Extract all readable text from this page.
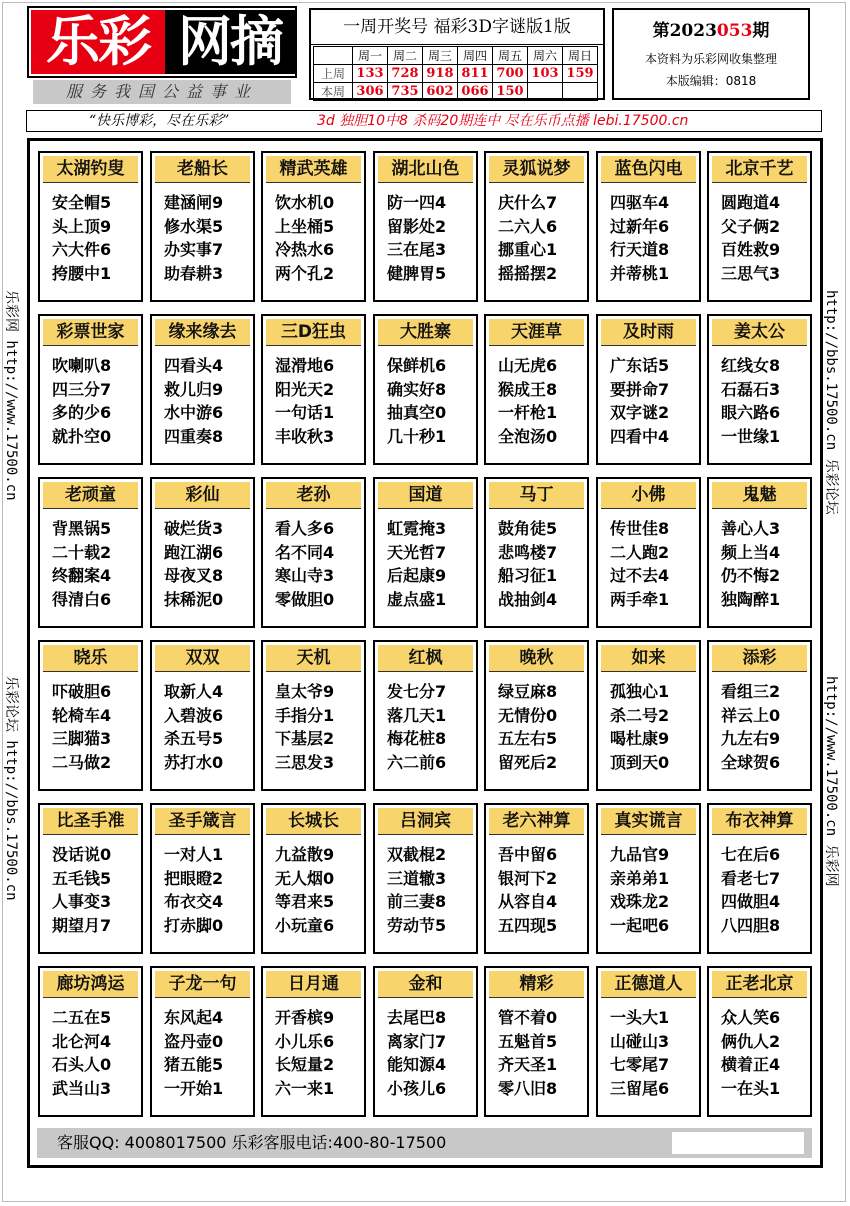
乐彩 网摘
服务我国公益事业
一周开奖号 福彩3D字谜版1版
	周一	周二	周三	周四	周五	周六	周日
上周	133	728	918	811	700	103	159
本周	306	735	602	066	150		
第2023053期
本资料为乐彩网收集整理
本版编辑：0818
“快乐博彩，尽在乐彩”	3d 独胆10中8 杀码20期连中 尽在乐币点播 lebi.17500.cn
乐彩网 http://www.17500.cn
乐彩论坛 http://bbs.17500.cn
http://bbs.17500.cn 乐彩论坛
http://www.17500.cn 乐彩网
太湖钓叟
安全帽5
头上顶9
六大件6
挎腰中1
老船长
建涵闸9
修水渠5
办实事7
助春耕3
精武英雄
饮水机0
上坐桶5
冷热水6
两个孔2
湖北山色
防一四4
留影处2
三在尾3
健脾胃5
灵狐说梦
庆什么7
二六人6
挪重心1
摇摇摆2
蓝色闪电
四驱车4
过新年6
行天道8
并蒂桃1
北京千艺
圆跑道4
父子俩2
百姓救9
三思气3
彩票世家
吹喇叭8
四三分7
多的少6
就扑空0
缘来缘去
四看头4
救儿归9
水中游6
四重奏8
三D狂虫
湿滑地6
阳光天2
一句话1
丰收秋3
大胜寨
保鲜机6
确实好8
抽真空0
几十秒1
天涯草
山无虎6
猴成王8
一杆枪1
全泡汤0
及时雨
广东话5
要拼命7
双字谜2
四看中4
姜太公
红线女8
石磊石3
眼六路6
一世缘1
老顽童
背黑锅5
二十载2
终翻案4
得清白6
彩仙
破烂货3
跑江湖6
母夜叉8
抹稀泥0
老孙
看人多6
名不同4
寒山寺3
零做胆0
国道
虹霓掩3
天光哲7
后起康9
虚点盛1
马丁
鼓角徒5
悲鸣楼7
船习征1
战抽剑4
小佛
传世佳8
二人跑2
过不去4
两手牵1
鬼魅
善心人3
频上当4
仍不悔2
独陶醉1
晓乐
吓破胆6
轮椅车4
三脚猫3
二马做2
双双
取新人4
入碧波6
杀五号5
苏打水0
天机
皇太爷9
手指分1
下基层2
三思发3
红枫
发七分7
落几天1
梅花桩8
六二前6
晚秋
绿豆麻8
无情份0
五左右5
留死后2
如来
孤独心1
杀二号2
喝杜康9
顶到天0
添彩
看组三2
祥云上0
九左右9
全球贺6
比圣手准
没话说0
五毛钱5
人事变3
期望月7
圣手箴言
一对人1
把眼瞪2
布衣交4
打赤脚0
长城长
九益散9
无人烟0
等君来5
小玩童6
吕洞宾
双截棍2
三道辙3
前三妻8
劳动节5
老六神算
吾中留6
银河下2
从容自4
五四现5
真实谎言
九品官9
亲弟弟1
戏珠龙2
一起吧6
布衣神算
七在后6
看老七7
四做胆4
八四胆8
廊坊鸿运
二五在5
北仑河4
石头人0
武当山3
子龙一句
东风起4
盗丹壶0
猪五能5
一开始1
日月通
开香槟9
小儿乐6
长短量2
六一来1
金和
去尾巴8
离家门7
能知源4
小孩儿6
精彩
管不着0
五魁首5
齐天圣1
零八旧8
正德道人
一头大1
山碰山3
七零尾7
三留尾6
正老北京
众人笑6
俩仇人2
横着正4
一在头1
客服QQ: 4008017500 乐彩客服电话:400-80-17500
